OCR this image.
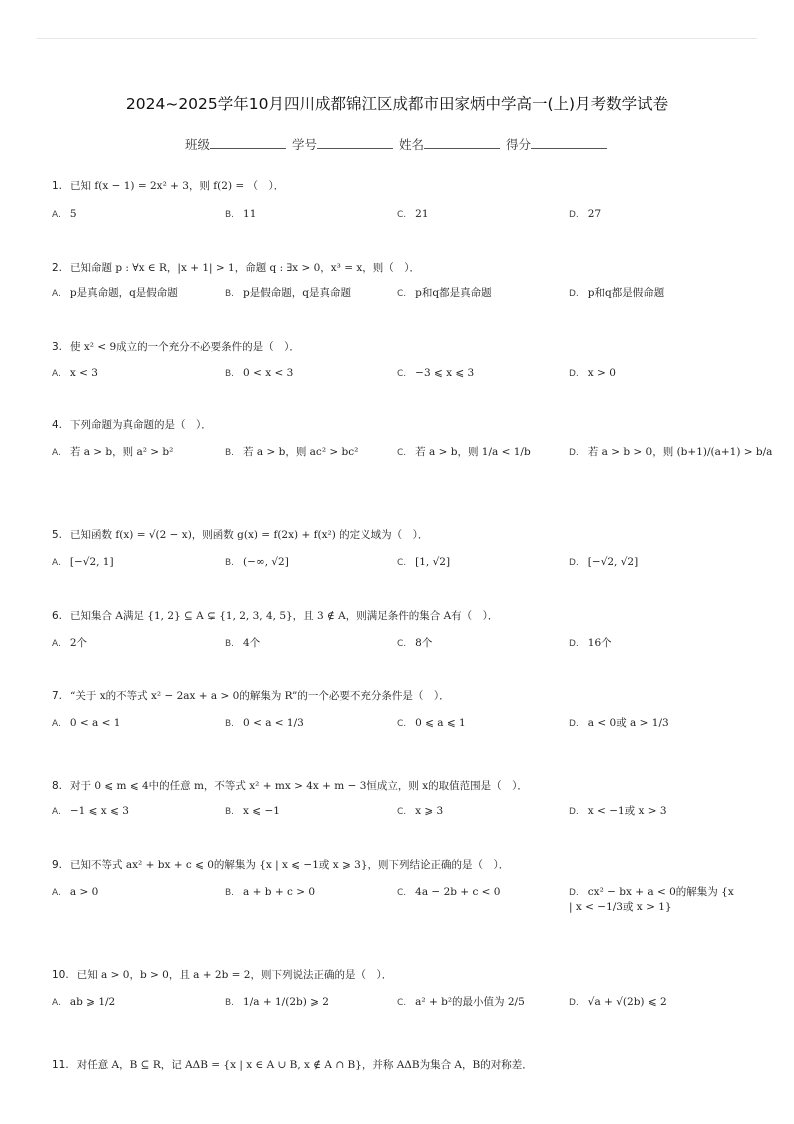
2024~2025学年10月四川成都锦江区成都市田家炳中学高一(上)月考数学试卷
班级	学号	姓名	得分
1. 已知 f(x − 1) = 2x² + 3，则 f(2) = （　）．
A. 5	B. 11	C. 21	D. 27
2. 已知命题 p : ∀x ∈ R，|x + 1| > 1，命题 q : ∃x > 0，x³ = x，则（　）．
A. p是真命题，q是假命题	B. p是假命题，q是真命题	C. p和q都是真命题	D. p和q都是假命题
3. 使 x² < 9成立的一个充分不必要条件的是（　）．
A. x < 3	B. 0 < x < 3	C. −3 ⩽ x ⩽ 3	D. x > 0
4. 下列命题为真命题的是（　）．
A. 若 a > b，则 a² > b²	B. 若 a > b，则 ac² > bc²	C. 若 a > b，则 1/a < 1/b	D. 若 a > b > 0，则 (b+1)/(a+1) > b/a
5. 已知函数 f(x) = √(2 − x)，则函数 g(x) = f(2x) + f(x²) 的定义域为（　）．
A. [−√2, 1]	B. (−∞, √2]	C. [1, √2]	D. [−√2, √2]
6. 已知集合 A满足 {1, 2} ⊆ A ⊊ {1, 2, 3, 4, 5}，且 3 ∉ A，则满足条件的集合 A有（　）．
A. 2个	B. 4个	C. 8个	D. 16个
7. “关于 x的不等式 x² − 2ax + a > 0的解集为 R”的一个必要不充分条件是（　）．
A. 0 < a < 1	B. 0 < a < 1/3	C. 0 ⩽ a ⩽ 1	D. a < 0或 a > 1/3
8. 对于 0 ⩽ m ⩽ 4中的任意 m，不等式 x² + mx > 4x + m − 3恒成立，则 x的取值范围是（　）．
A. −1 ⩽ x ⩽ 3	B. x ⩽ −1	C. x ⩾ 3	D. x < −1或 x > 3
9. 已知不等式 ax² + bx + c ⩽ 0的解集为 {x | x ⩽ −1或 x ⩾ 3}，则下列结论正确的是（　）．
A. a > 0	B. a + b + c > 0	C. 4a − 2b + c < 0	D. cx² − bx + a < 0的解集为 {x | x < −1/3或 x > 1}
10. 已知 a > 0，b > 0，且 a + 2b = 2，则下列说法正确的是（　）．
A. ab ⩾ 1/2	B. 1/a + 1/(2b) ⩾ 2	C. a² + b²的最小值为 2/5	D. √a + √(2b) ⩽ 2
11. 对任意 A，B ⊆ R，记 AΔB = {x | x ∈ A ∪ B, x ∉ A ∩ B}，并称 AΔB为集合 A，B的对称差．
